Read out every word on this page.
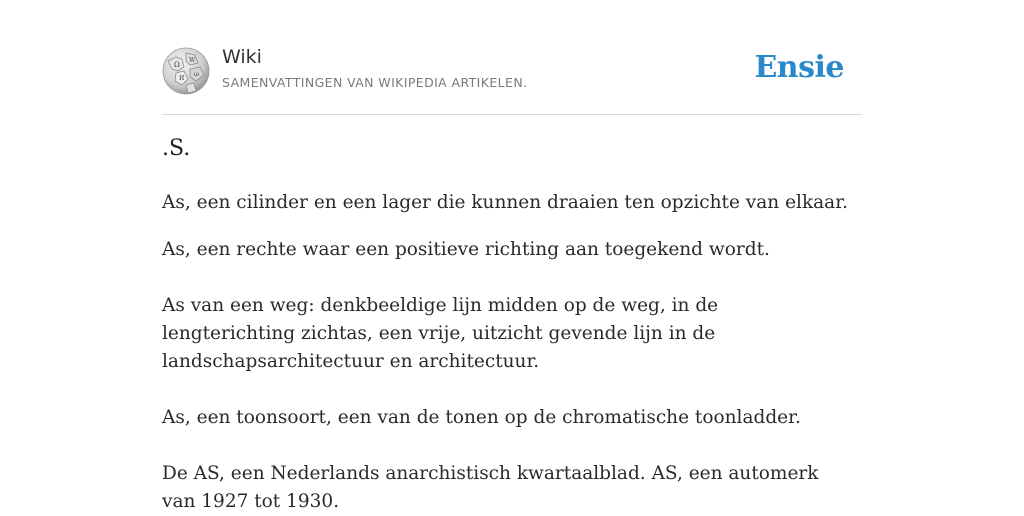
Ω
W
И
ω
Wiki
SAMENVATTINGEN VAN WIKIPEDIA ARTIKELEN.	Ensie
.S.

As, een cilinder en een lager die kunnen draaien ten opzichte van elkaar.

As, een rechte waar een positieve richting aan toegekend wordt.

As van een weg: denkbeeldige lijn midden op de weg, in de lengterichting zichtas, een vrije, uitzicht gevende lijn in de landschapsarchitectuur en architectuur.

As, een toonsoort, een van de tonen op de chromatische toonladder.

De AS, een Nederlands anarchistisch kwartaalblad. AS, een automerk van 1927 tot 1930.
